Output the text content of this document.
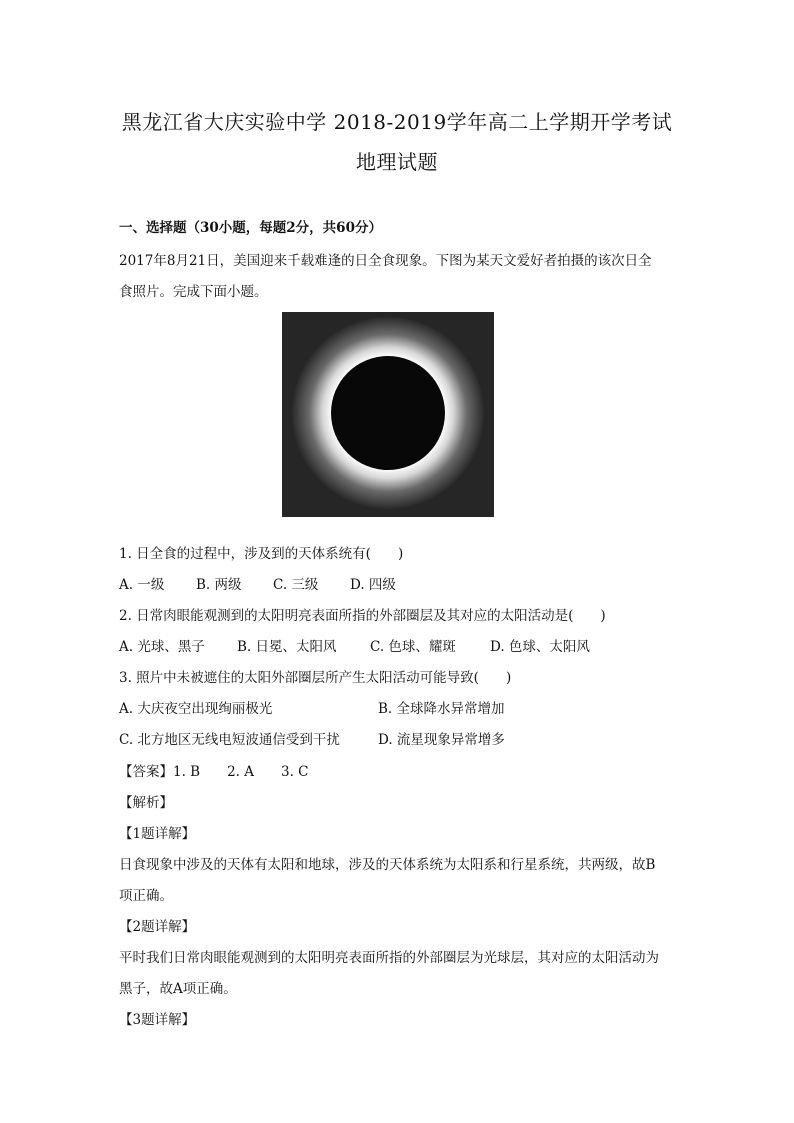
黑龙江省大庆实验中学 2018-2019学年高二上学期开学考试
地理试题
一、选择题（30小题，每题2分，共60分）
2017年8月21日，美国迎来千载难逢的日全食现象。下图为某天文爱好者拍摄的该次日全
食照片。完成下面小题。
1. 日全食的过程中，涉及到的天体系统有(　　)
A. 一级 B. 两级 C. 三级 D. 四级
2. 日常肉眼能观测到的太阳明亮表面所指的外部圈层及其对应的太阳活动是(　　)
A. 光球、黑子 B. 日冕、太阳风 C. 色球、耀斑	D. 色球、太阳风
3. 照片中未被遮住的太阳外部圈层所产生太阳活动可能导致(　　)
A. 大庆夜空出现绚丽极光	B. 全球降水异常增加
C. 北方地区无线电短波通信受到干扰	D. 流星现象异常增多
【答案】1. B　　2. A　　3. C
【解析】
【1题详解】
日食现象中涉及的天体有太阳和地球，涉及的天体系统为太阳系和行星系统，共两级，故B
项正确。
【2题详解】
平时我们日常肉眼能观测到的太阳明亮表面所指的外部圈层为光球层，其对应的太阳活动为
黑子，故A项正确。
【3题详解】
